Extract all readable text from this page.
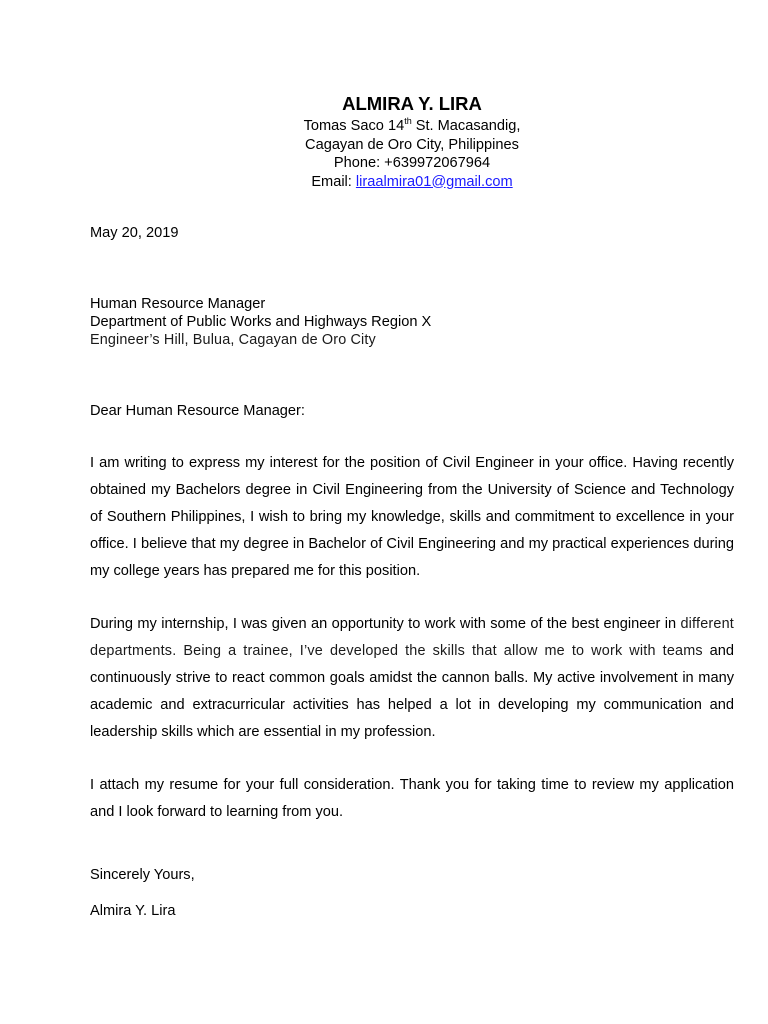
ALMIRA Y. LIRA
Tomas Saco 14th St. Macasandig,
Cagayan de Oro City, Philippines
Phone: +639972067964
Email: liraalmira01@gmail.com
May 20, 2019
Human Resource Manager
Department of Public Works and Highways Region X
Engineer’s Hill, Bulua, Cagayan de Oro City
Dear Human Resource Manager:
I am writing to express my interest for the position of Civil Engineer in your office. Having recently obtained my Bachelors degree in Civil Engineering from the University of Science and Technology of Southern Philippines, I wish to bring my knowledge, skills and commitment to excellence in your office. I believe that my degree in Bachelor of Civil Engineering and my practical experiences during my college years has prepared me for this position.
During my internship, I was given an opportunity to work with some of the best engineer in different departments. Being a trainee, I’ve developed the skills that allow me to work with teams and continuously strive to react common goals amidst the cannon balls. My active involvement in many academic and extracurricular activities has helped a lot in developing my communication and leadership skills which are essential in my profession.
I attach my resume for your full consideration. Thank you for taking time to review my application and I look forward to learning from you.
Sincerely Yours,
Almira Y. Lira
